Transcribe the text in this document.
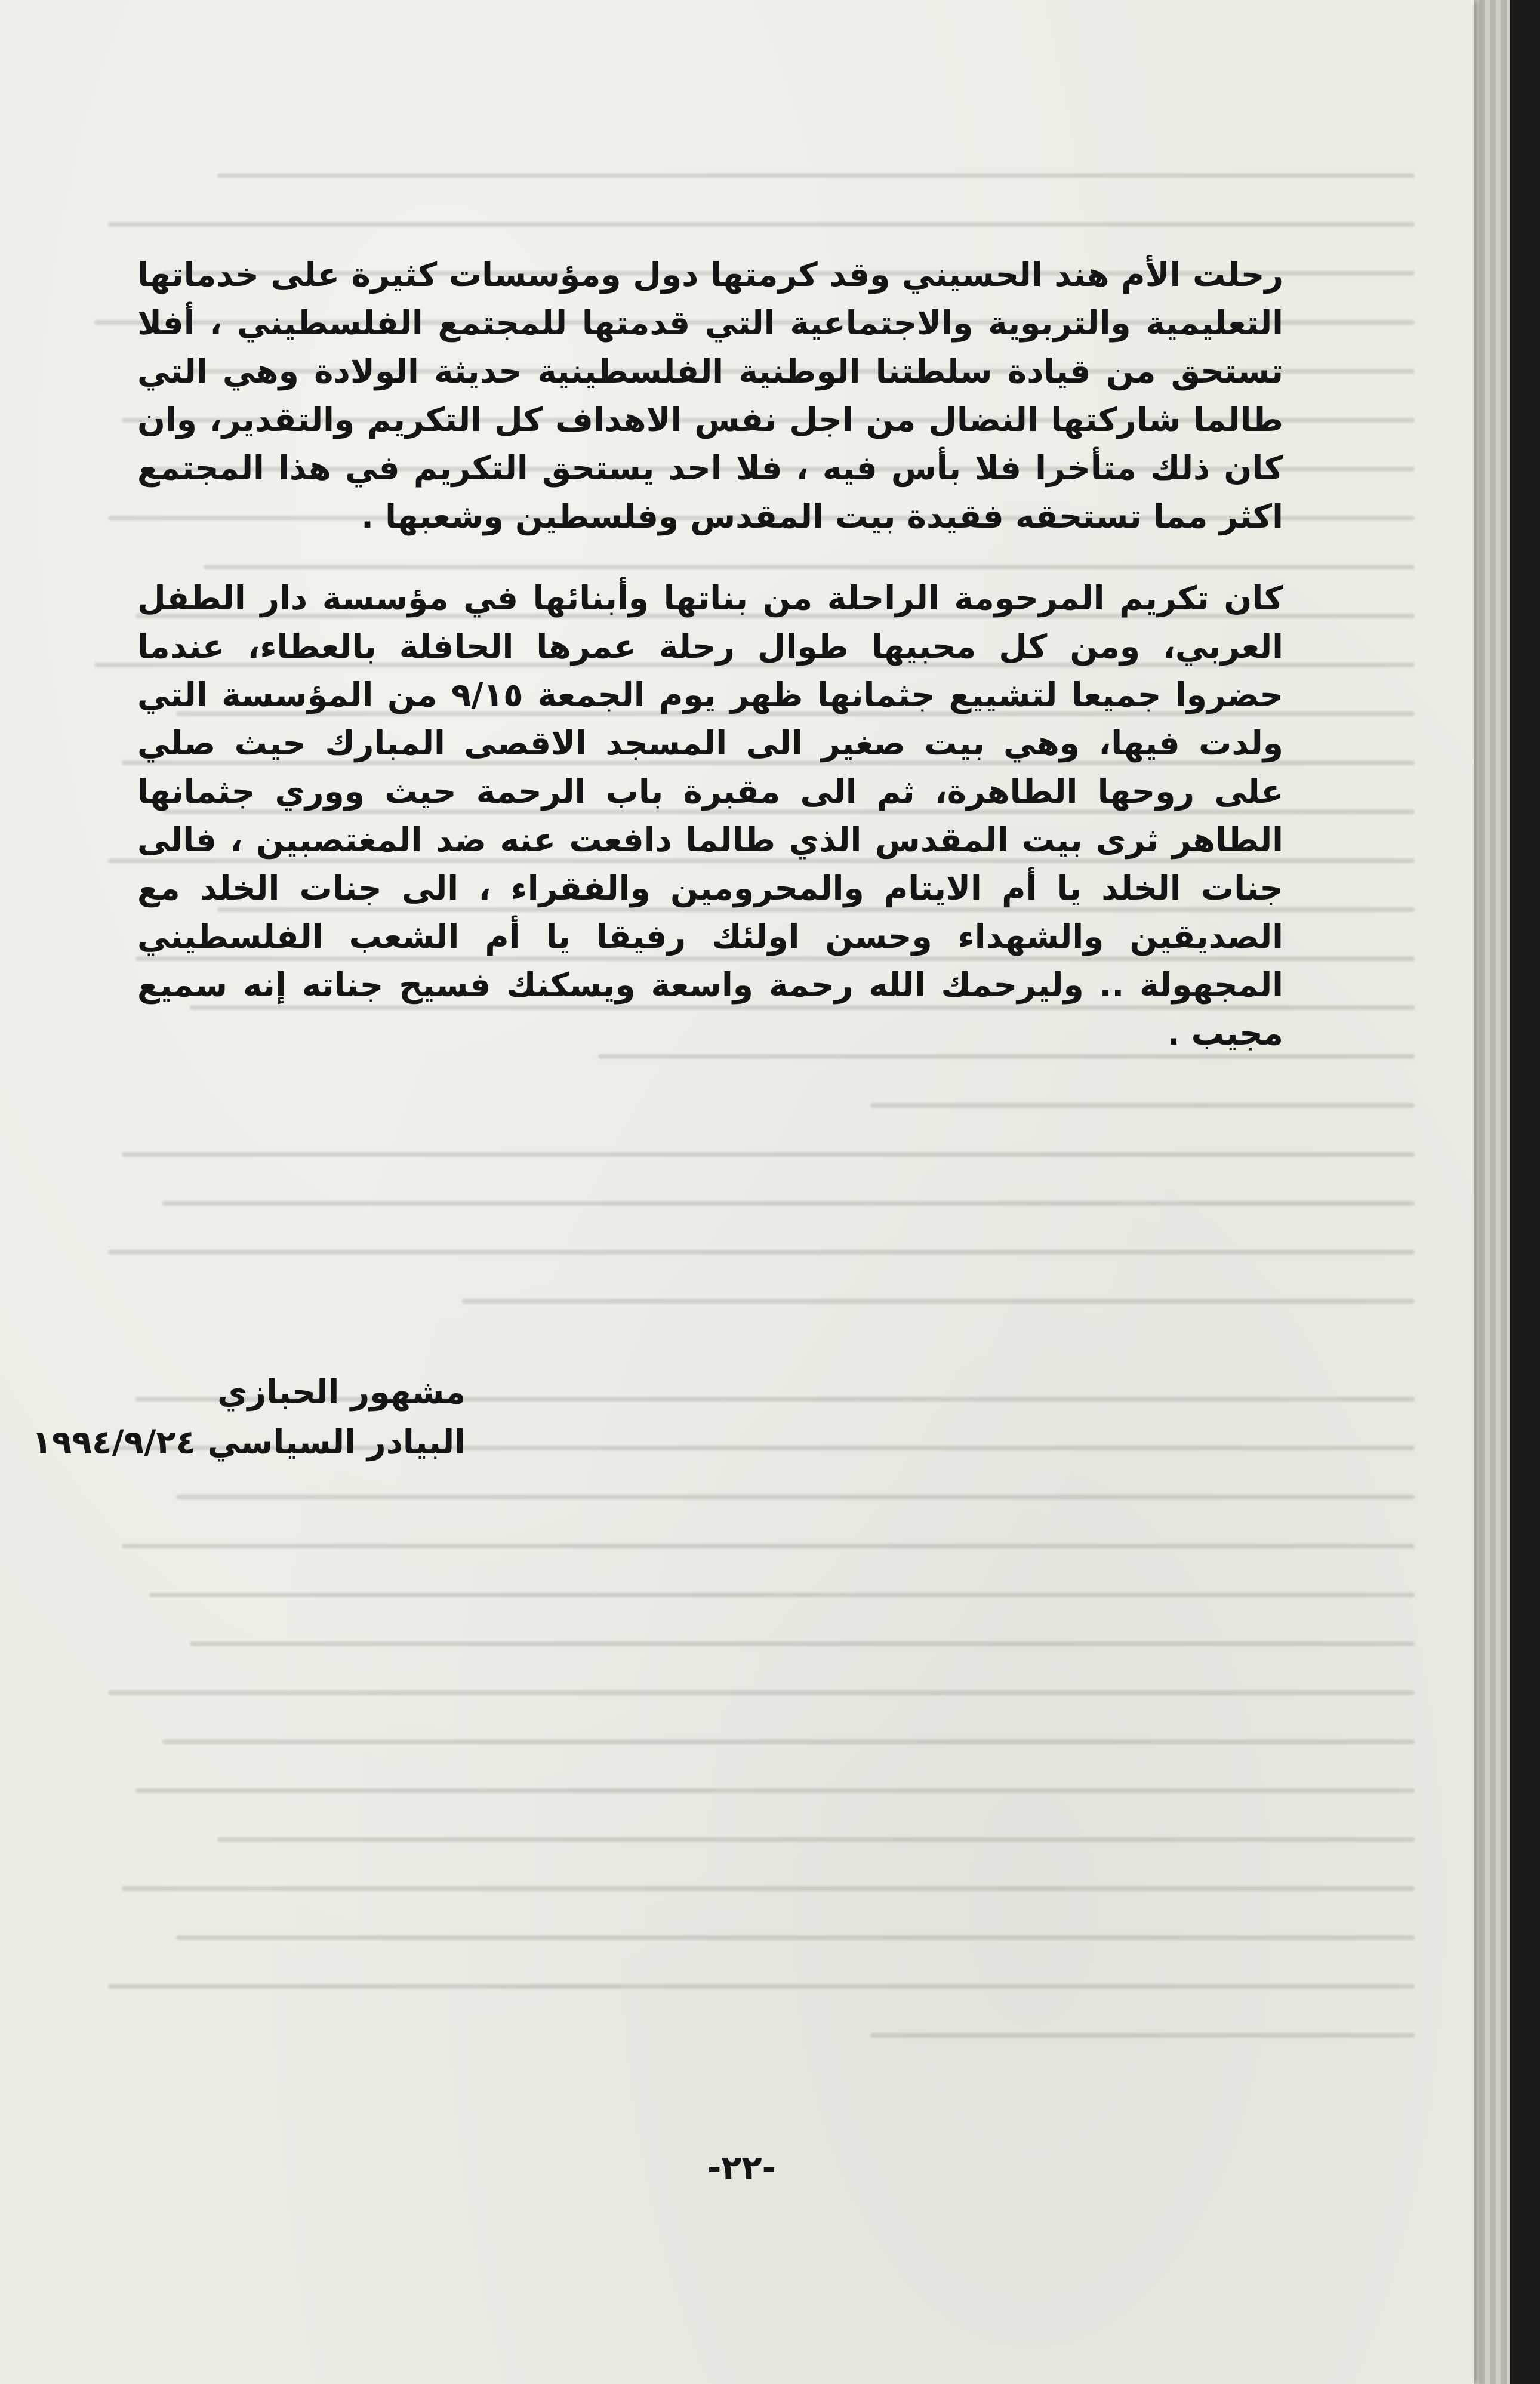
رحلت الأم هند الحسيني وقد كرمتها دول ومؤسسات كثيرة على خدماتها التعليمية والتربوية والاجتماعية التي قدمتها للمجتمع الفلسطيني ، أفلا تستحق من قيادة سلطتنا الوطنية الفلسطينية حديثة الولادة وهي التي طالما شاركتها النضال من اجل نفس الاهداف كل التكريم والتقدير، وان كان ذلك متأخرا فلا بأس فيه ، فلا احد يستحق التكريم في هذا المجتمع اكثر مما تستحقه فقيدة بيت المقدس وفلسطين وشعبها .

كان تكريم المرحومة الراحلة من بناتها وأبنائها في مؤسسة دار الطفل العربي، ومن كل محبيها طوال رحلة عمرها الحافلة بالعطاء، عندما حضروا جميعا لتشييع جثمانها ظهر يوم الجمعة ٩/١٥ من المؤسسة التي ولدت فيها، وهي بيت صغير الى المسجد الاقصى المبارك حيث صلي على روحها الطاهرة، ثم الى مقبرة باب الرحمة حيث ووري جثمانها الطاهر ثرى بيت المقدس الذي طالما دافعت عنه ضد المغتصبين ، فالى جنات الخلد يا أم الايتام والمحرومين والفقراء ، الى جنات الخلد مع الصديقين والشهداء وحسن اولئك رفيقا يا أم الشعب الفلسطيني المجهولة .. وليرحمك الله رحمة واسعة ويسكنك فسيح جناته إنه سميع مجيب .

مشهور الحبازي
البيادر السياسي ١٩٩٤/٩/٢٤
-٢٢-
